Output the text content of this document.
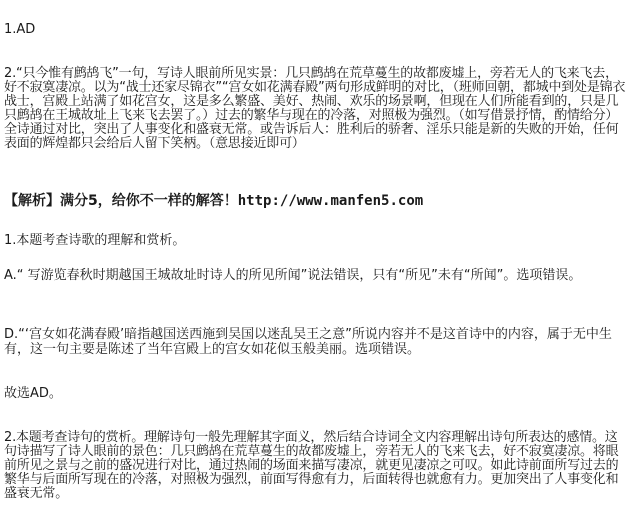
1.AD

2.“只今惟有鹧鸪飞”一句，写诗人眼前所见实景：几只鹧鸪在荒草蔓生的故都废墟上，旁若无人的飞来飞去，好不寂寞凄凉。以为“战士还家尽锦衣”“宫女如花满春殿”两句形成鲜明的对比，（班师回朝，都城中到处是锦衣战士，宫殿上站满了如花宫女，这是多么繁盛、美好、热闹、欢乐的场景啊，但现在人们所能看到的，只是几只鹧鸪在王城故址上飞来飞去罢了。）过去的繁华与现在的冷落，对照极为强烈。（如写借景抒情，酌情给分）全诗通过对比，突出了人事变化和盛衰无常。或告诉后人：胜利后的骄奢、淫乐只能是新的失败的开始，任何表面的辉煌都只会给后人留下笑柄。（意思接近即可）

【解析】满分5，给你不一样的解答！http://www.manfen5.com

1.本题考查诗歌的理解和赏析。

A.“ 写游览春秋时期越国王城故址时诗人的所见所闻”说法错误，只有“所见”未有“所闻”。选项错误。

D.“‘宫女如花满春殿’暗指越国送西施到吴国以迷乱吴王之意”所说内容并不是这首诗中的内容，属于无中生有，这一句主要是陈述了当年宫殿上的宫女如花似玉般美丽。选项错误。

故选AD。

2.本题考查诗句的赏析。理解诗句一般先理解其字面义，然后结合诗词全文内容理解出诗句所表达的感情。这句诗描写了诗人眼前的景色：几只鹧鸪在荒草蔓生的故都废墟上，旁若无人的飞来飞去，好不寂寞凄凉。将眼前所见之景与之前的盛况进行对比，通过热闹的场面来描写凄凉，就更见凄凉之可叹。如此诗前面所写过去的繁华与后面所写现在的冷落，对照极为强烈，前面写得愈有力，后面转得也就愈有力。更加突出了人事变化和盛衰无常。
